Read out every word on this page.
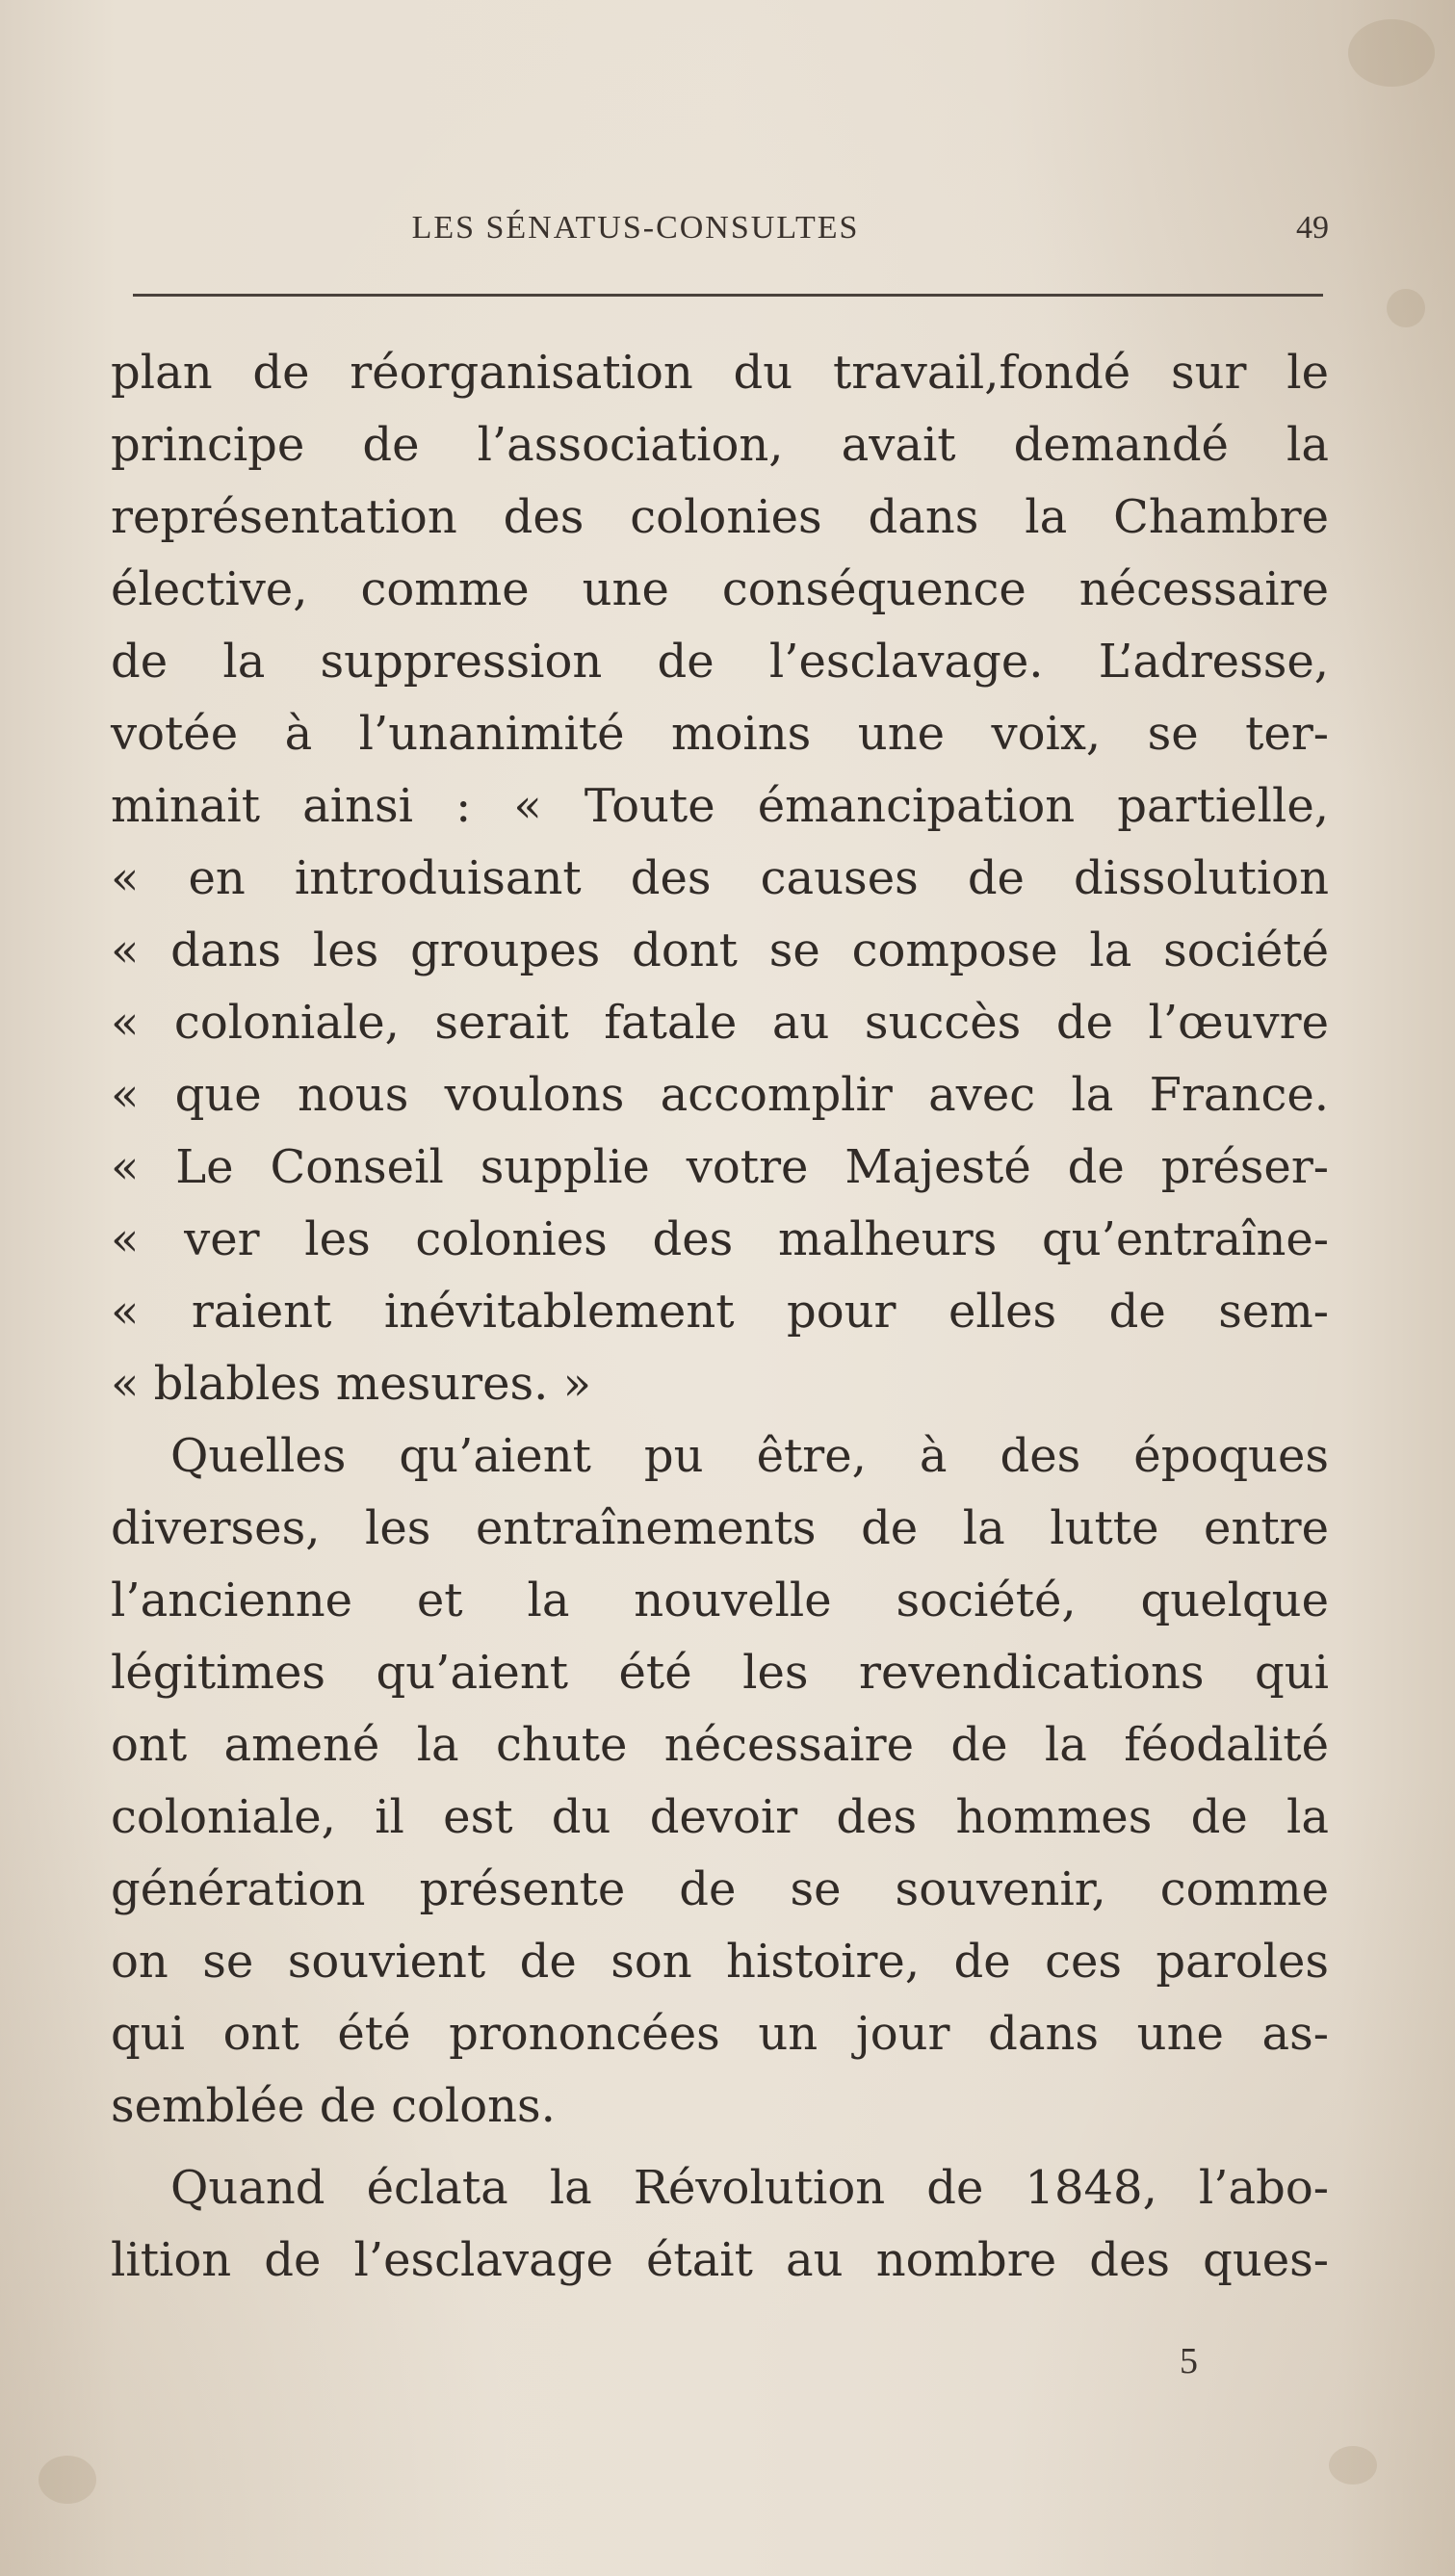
LES SÉNATUS-CONSULTES	49
plan de réorganisation du travail,fondé sur le
principe de l’association, avait demandé la
représentation des colonies dans la Chambre
élective, comme une conséquence nécessaire
de la suppression de l’esclavage. L’adresse,
votée à l’unanimité moins une voix, se ter-
minait ainsi : « Toute émancipation partielle,
« en introduisant des causes de dissolution
« dans les groupes dont se compose la société
« coloniale, serait fatale au succès de l’œuvre
« que nous voulons accomplir avec la France.
« Le Conseil supplie votre Majesté de préser-
« ver les colonies des malheurs qu’entraîne-
« raient inévitablement pour elles de sem-
« blables mesures. »
Quelles qu’aient pu être, à des époques
diverses, les entraînements de la lutte entre
l’ancienne et la nouvelle société, quelque
légitimes qu’aient été les revendications qui
ont amené la chute nécessaire de la féodalité
coloniale, il est du devoir des hommes de la
génération présente de se souvenir, comme
on se souvient de son histoire, de ces paroles
qui ont été prononcées un jour dans une as-
semblée de colons.
Quand éclata la Révolution de 1848, l’abo-
lition de l’esclavage était au nombre des ques-
5
